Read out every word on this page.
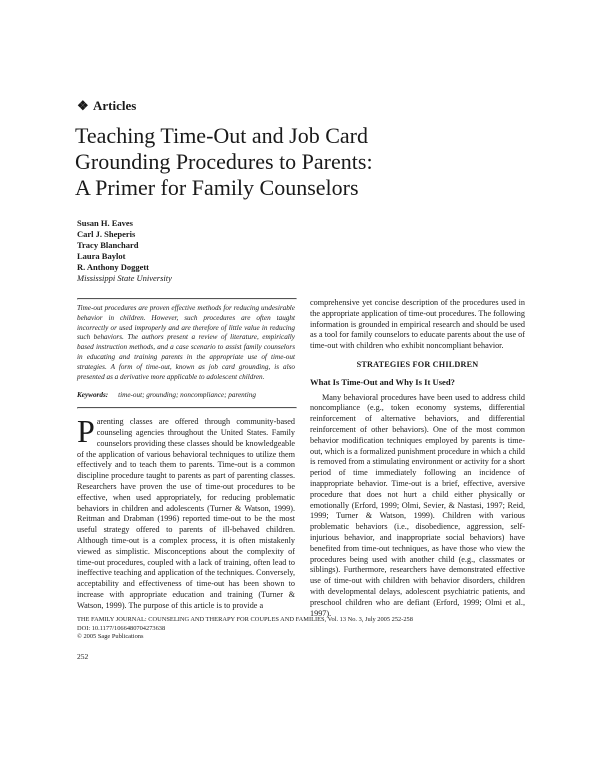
❖ Articles
Teaching Time-Out and Job Card
Grounding Procedures to Parents:
A Primer for Family Counselors
Susan H. Eaves
Carl J. Sheperis
Tracy Blanchard
Laura Baylot
R. Anthony Doggett
Mississippi State University

Time-out procedures are proven effective methods for reducing undesirable behavior in children. However, such procedures are often taught incorrectly or used improperly and are therefore of little value in reducing such behaviors. The authors present a review of literature, empirically based instruction methods, and a case scenario to assist family counselors in educating and training parents in the appropriate use of time-out strategies. A form of time-out, known as job card grounding, is also presented as a derivative more applicable to adolescent children.

Keywords: time-out; grounding; noncompliance; parenting

Parenting classes are offered through community-based counseling agencies throughout the United States. Family counselors providing these classes should be knowledgeable of the application of various behavioral techniques to utilize them effectively and to teach them to parents. Time-out is a common discipline procedure taught to parents as part of parenting classes. Researchers have proven the use of time-out procedures to be effective, when used appropriately, for reducing problematic behaviors in children and adolescents (Turner & Watson, 1999). Reitman and Drabman (1996) reported time-out to be the most useful strategy offered to parents of ill-behaved children. Although time-out is a complex process, it is often mistakenly viewed as simplistic. Misconceptions about the complexity of time-out procedures, coupled with a lack of training, often lead to ineffective teaching and application of the techniques. Conversely, acceptability and effectiveness of time-out has been shown to increase with appropriate education and training (Turner & Watson, 1999). The purpose of this article is to provide a

comprehensive yet concise description of the procedures used in the appropriate application of time-out procedures. The following information is grounded in empirical research and should be used as a tool for family counselors to educate parents about the use of time-out with children who exhibit noncompliant behavior.

STRATEGIES FOR CHILDREN
What Is Time-Out and Why Is It Used?

Many behavioral procedures have been used to address child noncompliance (e.g., token economy systems, differential reinforcement of alternative behaviors, and differential reinforcement of other behaviors). One of the most common behavior modification techniques employed by parents is time-out, which is a formalized punishment procedure in which a child is removed from a stimulating environment or activity for a short period of time immediately following an incidence of inappropriate behavior. Time-out is a brief, effective, aversive procedure that does not hurt a child either physically or emotionally (Erford, 1999; Olmi, Sevier, & Nastasi, 1997; Reid, 1999; Turner & Watson, 1999). Children with various problematic behaviors (i.e., disobedience, aggression, self-injurious behavior, and inappropriate social behaviors) have benefited from time-out techniques, as have those who view the procedures being used with another child (e.g., classmates or siblings). Furthermore, researchers have demonstrated effective use of time-out with children with behavior disorders, children with developmental delays, adolescent psychiatric patients, and preschool children who are defiant (Erford, 1999; Olmi et al., 1997).

THE FAMILY JOURNAL: COUNSELING AND THERAPY FOR COUPLES AND FAMILIES, Vol. 13 No. 3, July 2005 252-258
DOI: 10.1177/1066480704273638
© 2005 Sage Publications
252
